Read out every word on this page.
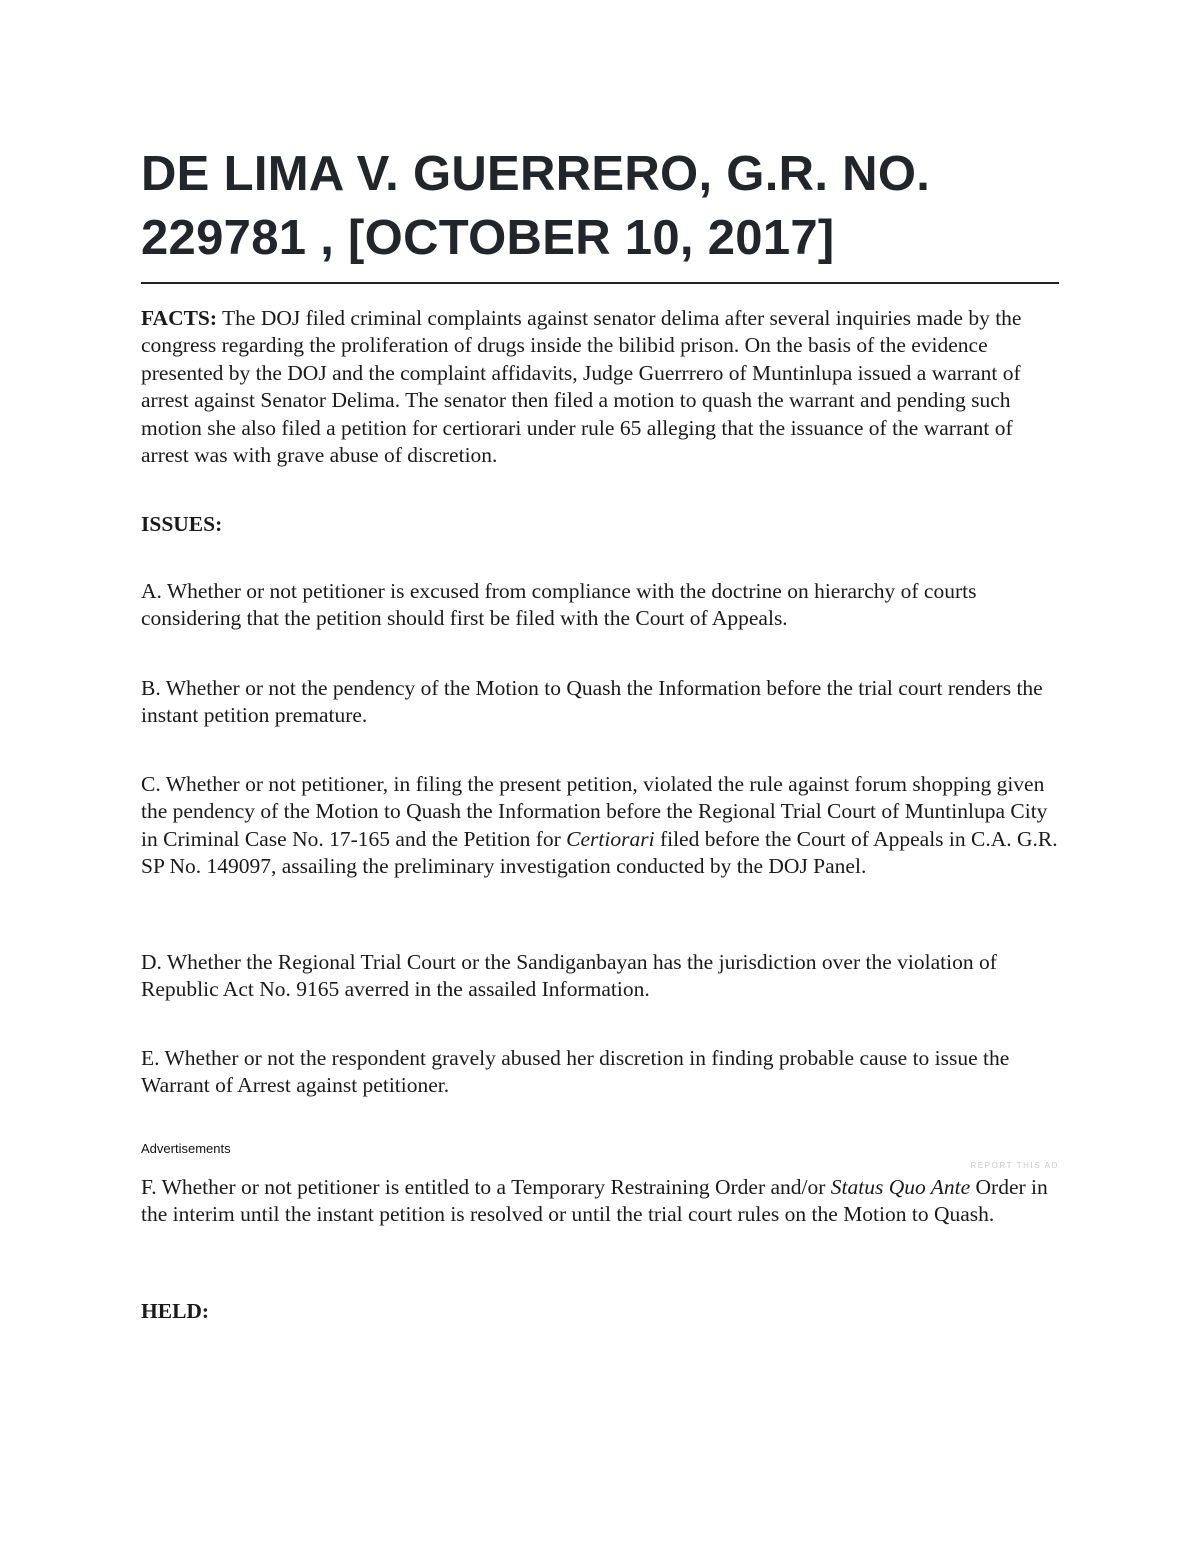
DE LIMA V. GUERRERO, G.R. NO. 229781 , [OCTOBER 10, 2017]

FACTS: The DOJ filed criminal complaints against senator delima after several inquiries made by the congress regarding the proliferation of drugs inside the bilibid prison. On the basis of the evidence presented by the DOJ and the complaint affidavits, Judge Guerrrero of Muntinlupa issued a warrant of arrest against Senator Delima. The senator then filed a motion to quash the warrant and pending such motion she also filed a petition for certiorari under rule 65 alleging that the issuance of the warrant of arrest was with grave abuse of discretion.

ISSUES:

A. Whether or not petitioner is excused from compliance with the doctrine on hierarchy of courts considering that the petition should first be filed with the Court of Appeals.

B. Whether or not the pendency of the Motion to Quash the Information before the trial court renders the instant petition premature.

C. Whether or not petitioner, in filing the present petition, violated the rule against forum shopping given the pendency of the Motion to Quash the Information before the Regional Trial Court of Muntinlupa City in Criminal Case No. 17-165 and the Petition for Certiorari filed before the Court of Appeals in C.A. G.R. SP No. 149097, assailing the preliminary investigation conducted by the DOJ Panel.

D. Whether the Regional Trial Court or the Sandiganbayan has the jurisdiction over the violation of Republic Act No. 9165 averred in the assailed Information.

E. Whether or not the respondent gravely abused her discretion in finding probable cause to issue the Warrant of Arrest against petitioner.

Advertisements
REPORT THIS AD

F. Whether or not petitioner is entitled to a Temporary Restraining Order and/or Status Quo Ante Order in the interim until the instant petition is resolved or until the trial court rules on the Motion to Quash.

HELD:
